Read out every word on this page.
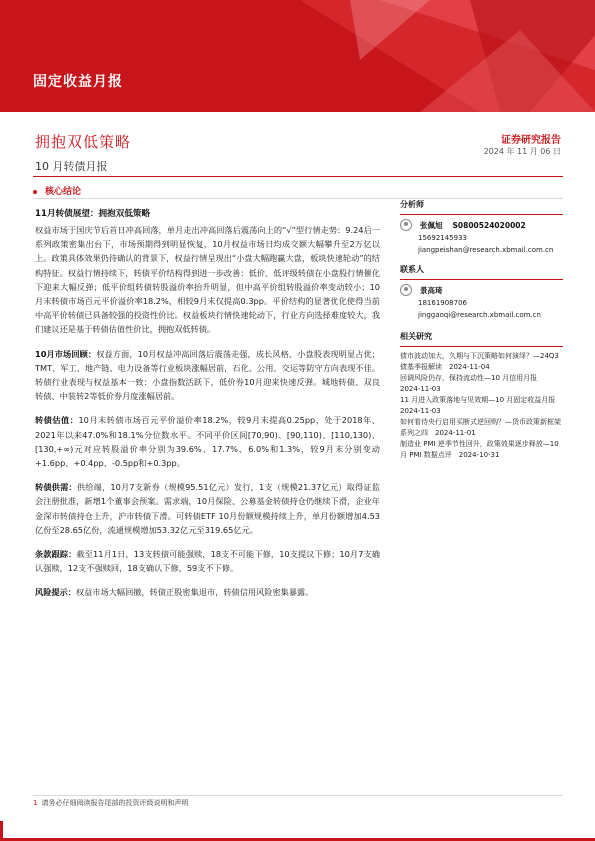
固定收益月报
拥抱双低策略
10 月转债月报
证券研究报告
2024 年 11 月 06 日
核心结论
11月转债展望：拥抱双低策略

权益市场于国庆节后首日冲高回落，单月走出冲高回落后震荡向上的“√”型行情走势：9.24后一系列政策密集出台下，市场预期得到明显恢复，10月权益市场日均成交额大幅攀升至2万亿以上。政策具体效果仍待确认的背景下，权益行情呈现出“小盘大幅跑赢大盘，板块快速轮动”的结构特征。权益行情持续下，转债平价结构得到进一步改善：低价、低评级转债在小盘股行情催化下迎来大幅反弹；低平价组转债转股溢价率抬升明显，但中高平价组转股溢价率变动较小；10月末转债市场百元平价溢价率18.2%，相较9月末仅提高0.3pp。平价结构的显著优化使得当前中高平价转债已具备较强的投资性价比。权益板块行情快速轮动下，行业方向选择难度较大，我们建议还是基于转债估值性价比，拥抱双低转债。

10月市场回顾：权益方面，10月权益冲高回落后震荡走强，成长风格、小盘股表现明显占优；TMT、军工、地产链、电力设备等行业板块涨幅居前，石化、公用、交运等防守方向表现不佳。转债行业表现与权益基本一致：小盘指数活跃下，低价券10月迎来快速反弹。城地转债、双良转债、中装转2等低价券月度涨幅居前。

转债估值：10月末转债市场百元平价溢价率18.2%，较9月末提高0.25pp，处于2018年、2021年以来47.0%和18.1%分位数水平。不同平价区间[70,90)、[90,110)、[110,130)、[130,+∞)元对应转股溢价率分别为39.6%、17.7%、6.0%和1.3%，较9月末分别变动+1.6pp、+0.4pp、-0.5pp和+0.3pp。

转债供需：供给端，10月7支新券（规模95.51亿元）发行，1支（规模21.37亿元）取得证监会注册批准，新增1个董事会预案。需求端，10月保险、公募基金转债持仓仍继续下滑，企业年金深市转债持仓上升，沪市转债下滑。可转债ETF 10月份额规模持续上升，单月份额增加4.53亿份至28.65亿份，流通规模增加53.32亿元至319.65亿元。

条款跟踪：截至11月1日，13支转债可能强赎，18支不可能下修，10支提议下修；10月7支确认强赎，12支不强赎回，18支确认下修，59支不下修。

风险提示：权益市场大幅回撤，转债正股密集退市，转债信用风险密集暴露。

分析师
张佩旭 S0800524020002
15692145933
jiangpeishan@research.xbmail.com.cn
联系人
景高琦
18161908706
jinggaoqi@research.xbmail.com.cn
相关研究
债市波动加大，久期与下沉策略如何演绎？—24Q3债基季报解读　2024-11-04
回调风险仍存，保持流动性—10 月信用月报　2024-11-03
11 月进入政策落地与见效期—10 月固定收益月报　2024-11-03
如何看待央行启用买断式逆回购？—货币政策新框架系列之四　2024-11-01
制造业 PMI 逆季节性回升，政策效果逐步释放—10 月 PMI 数据点评　2024-10-31
1 请务必仔细阅读报告尾部的投资评级说明和声明
